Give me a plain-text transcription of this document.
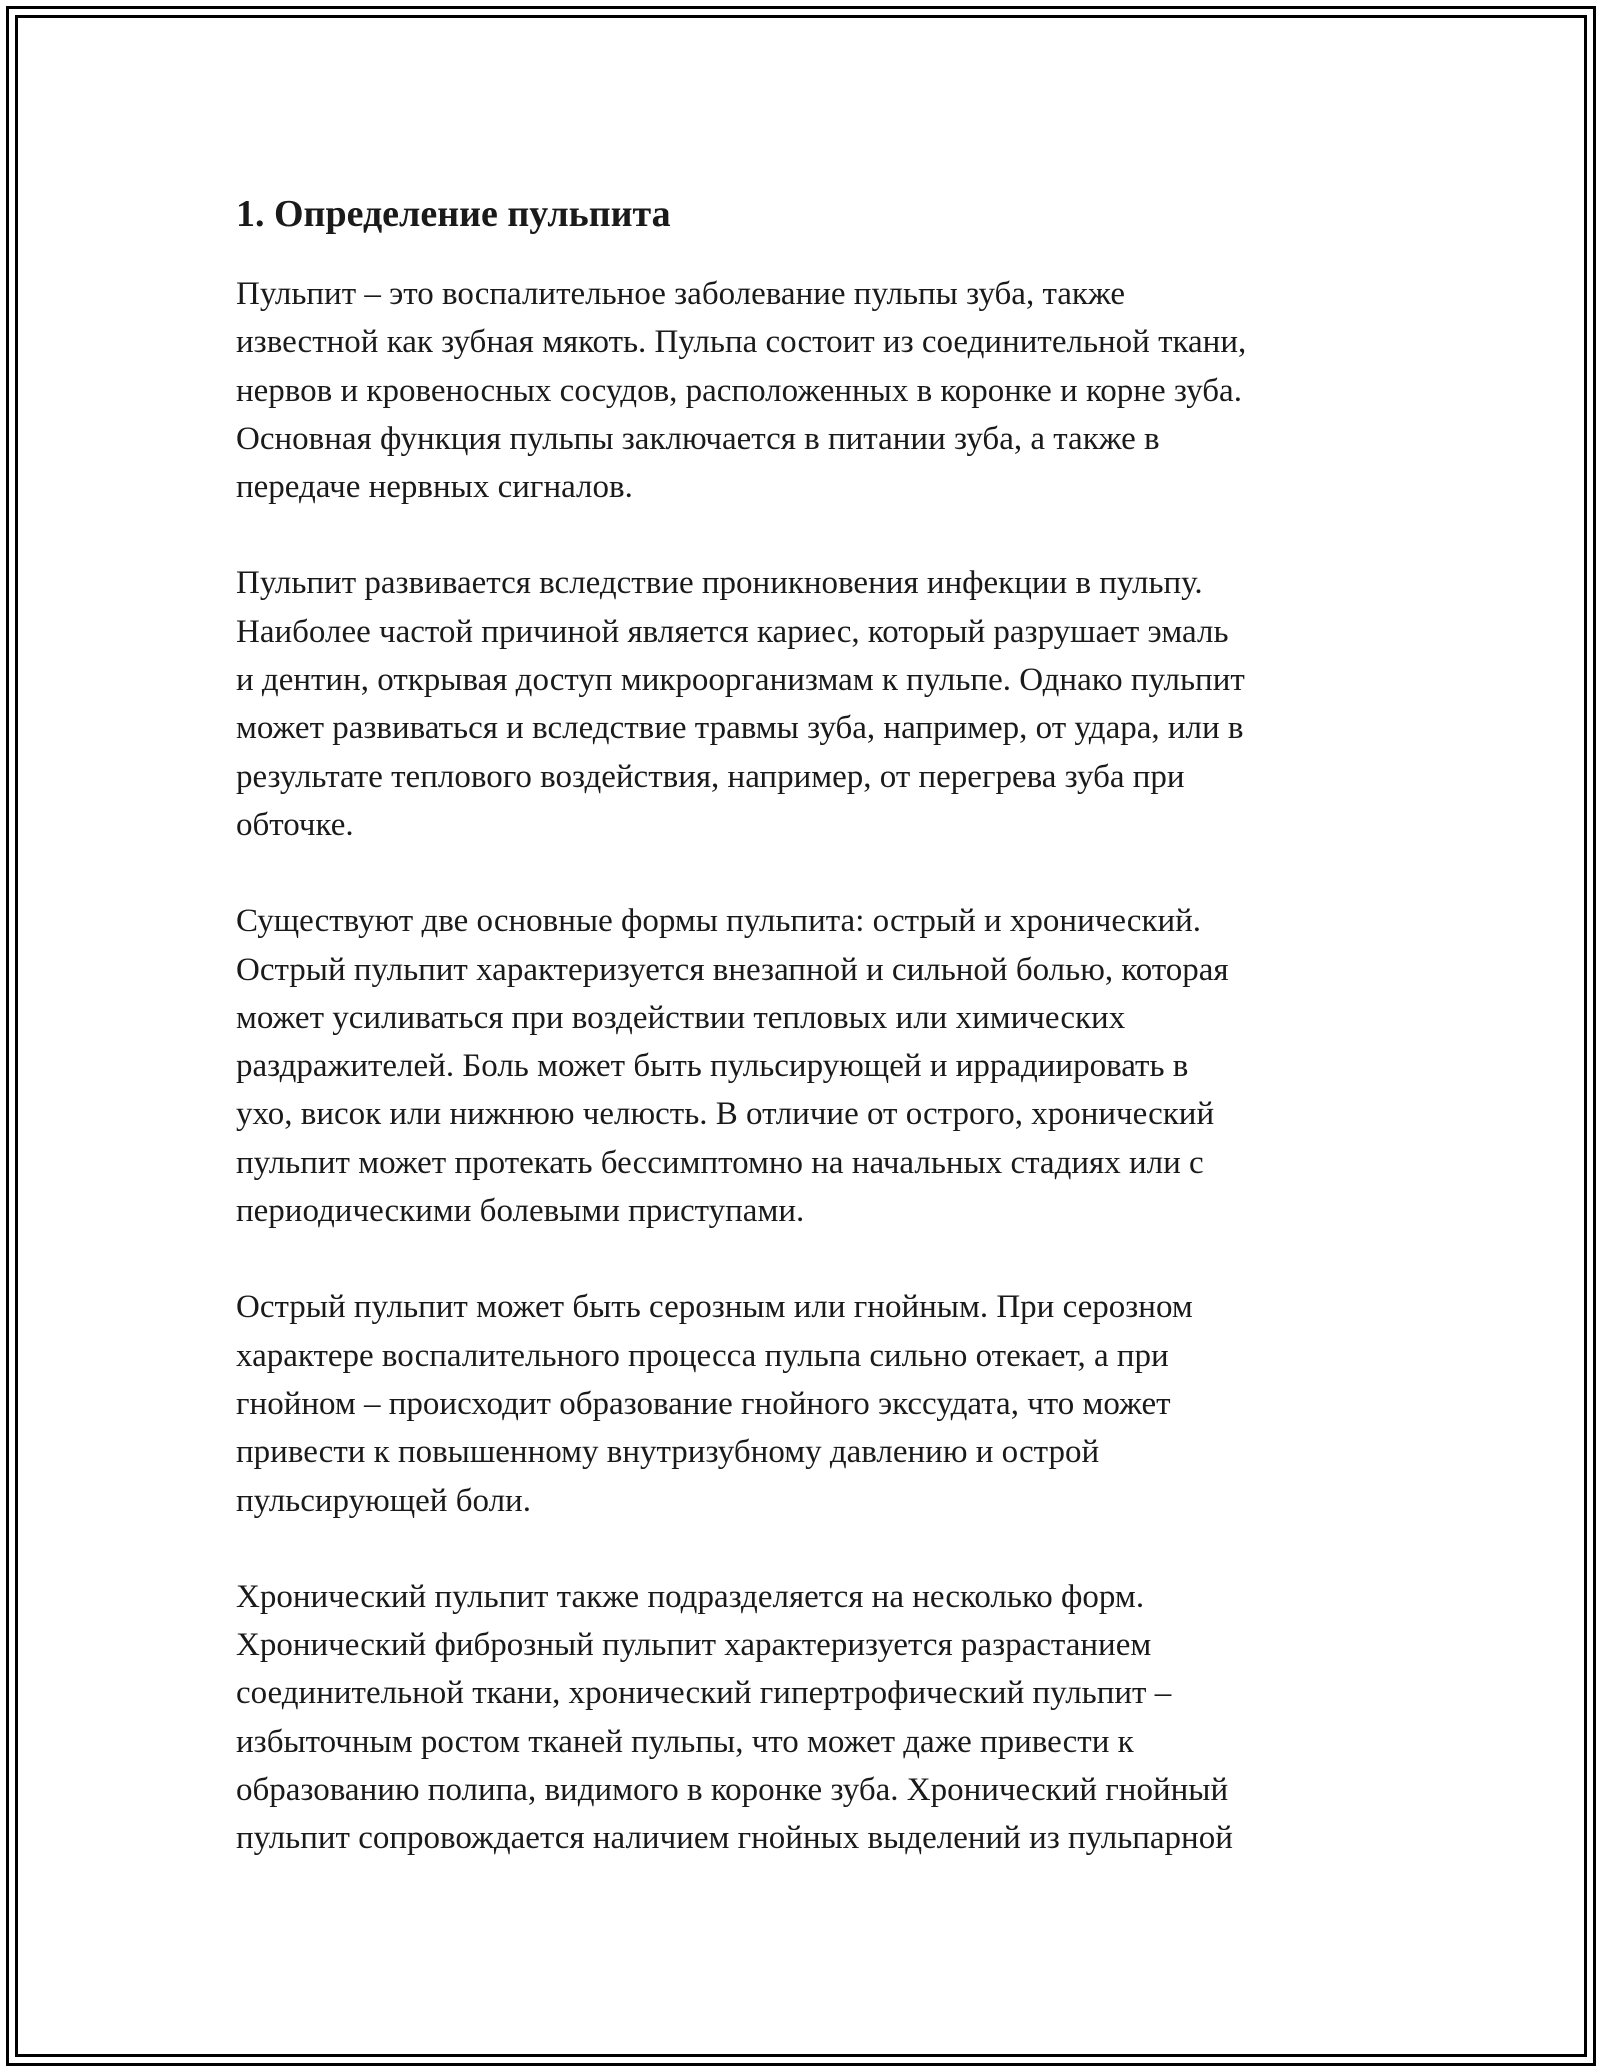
1. Определение пульпита
Пульпит – это воспалительное заболевание пульпы зуба, также
известной как зубная мякоть. Пульпа состоит из соединительной ткани,
нервов и кровеносных сосудов, расположенных в коронке и корне зуба.
Основная функция пульпы заключается в питании зуба, а также в
передаче нервных сигналов.
Пульпит развивается вследствие проникновения инфекции в пульпу.
Наиболее частой причиной является кариес, который разрушает эмаль
и дентин, открывая доступ микроорганизмам к пульпе. Однако пульпит
может развиваться и вследствие травмы зуба, например, от удара, или в
результате теплового воздействия, например, от перегрева зуба при
обточке.
Существуют две основные формы пульпита: острый и хронический.
Острый пульпит характеризуется внезапной и сильной болью, которая
может усиливаться при воздействии тепловых или химических
раздражителей. Боль может быть пульсирующей и иррадиировать в
ухо, висок или нижнюю челюсть. В отличие от острого, хронический
пульпит может протекать бессимптомно на начальных стадиях или с
периодическими болевыми приступами.
Острый пульпит может быть серозным или гнойным. При серозном
характере воспалительного процесса пульпа сильно отекает, а при
гнойном – происходит образование гнойного экссудата, что может
привести к повышенному внутризубному давлению и острой
пульсирующей боли.
Хронический пульпит также подразделяется на несколько форм.
Хронический фиброзный пульпит характеризуется разрастанием
соединительной ткани, хронический гипертрофический пульпит –
избыточным ростом тканей пульпы, что может даже привести к
образованию полипа, видимого в коронке зуба. Хронический гнойный
пульпит сопровождается наличием гнойных выделений из пульпарной
